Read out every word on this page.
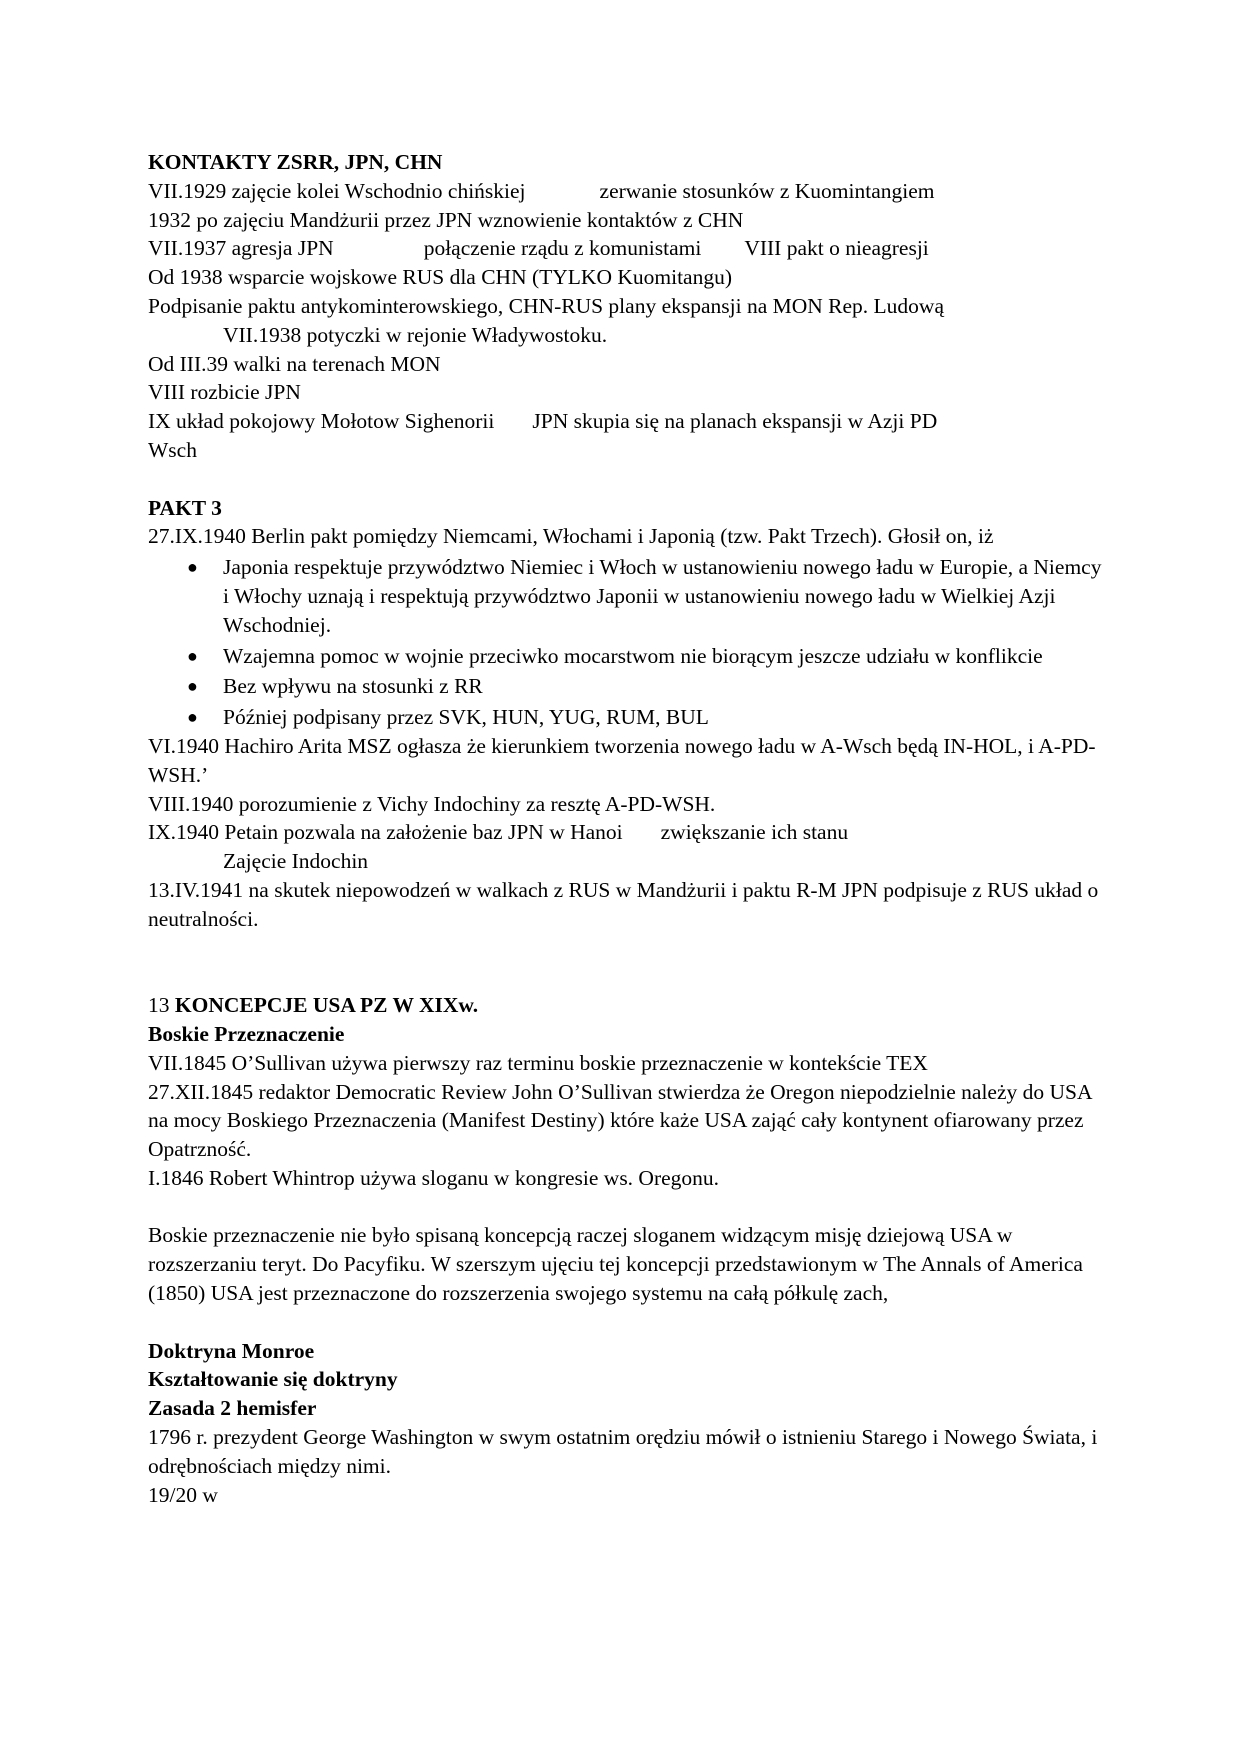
KONTAKTY ZSRR, JPN, CHN
VII.1929 zajęcie kolei Wschodnio chińskiej	zerwanie stosunków z Kuomintangiem
1932 po zajęciu Mandżurii przez JPN wznowienie kontaktów z CHN
VII.1937 agresja JPN	połączenie rządu z komunistami VIII pakt o nieagresji
Od 1938 wsparcie wojskowe RUS dla CHN (TYLKO Kuomitangu)
Podpisanie paktu antykominterowskiego, CHN-RUS plany ekspansji na MON Rep. Ludową
VII.1938 potyczki w rejonie Władywostoku.
Od III.39 walki na terenach MON
VIII rozbicie JPN
IX układ pokojowy Mołotow Sighenorii JPN skupia się na planach ekspansji w Azji PD
Wsch
PAKT 3
27.IX.1940 Berlin pakt pomiędzy Niemcami, Włochami i Japonią (tzw. Pakt Trzech). Głosił on, iż
● Japonia respektuje przywództwo Niemiec i Włoch w ustanowieniu nowego ładu w Europie, a Niemcy i Włochy uznają i respektują przywództwo Japonii w ustanowieniu nowego ładu w Wielkiej Azji Wschodniej.
● Wzajemna pomoc w wojnie przeciwko mocarstwom nie biorącym jeszcze udziału w konflikcie
● Bez wpływu na stosunki z RR
● Później podpisany przez SVK, HUN, YUG, RUM, BUL
VI.1940 Hachiro Arita MSZ ogłasza że kierunkiem tworzenia nowego ładu w A-Wsch będą IN-HOL, i A-PD-WSH.’
VIII.1940 porozumienie z Vichy Indochiny za resztę A-PD-WSH.
IX.1940 Petain pozwala na założenie baz JPN w Hanoi zwiększanie ich stanu
Zajęcie Indochin
13.IV.1941 na skutek niepowodzeń w walkach z RUS w Mandżurii i paktu R-M JPN podpisuje z RUS układ o neutralności.
13 KONCEPCJE USA PZ W XIXw.
Boskie Przeznaczenie
VII.1845 O’Sullivan używa pierwszy raz terminu boskie przeznaczenie w kontekście TEX
27.XII.1845 redaktor Democratic Review John O’Sullivan stwierdza że Oregon niepodzielnie należy do USA na mocy Boskiego Przeznaczenia (Manifest Destiny) które każe USA zająć cały kontynent ofiarowany przez Opatrzność.
I.1846 Robert Whintrop używa sloganu w kongresie ws. Oregonu.
Boskie przeznaczenie nie było spisaną koncepcją raczej sloganem widzącym misję dziejową USA w rozszerzaniu teryt. Do Pacyfiku. W szerszym ujęciu tej koncepcji przedstawionym w The Annals of America (1850) USA jest przeznaczone do rozszerzenia swojego systemu na całą półkulę zach,
Doktryna Monroe
Kształtowanie się doktryny
Zasada 2 hemisfer
1796 r. prezydent George Washington w swym ostatnim orędziu mówił o istnieniu Starego i Nowego Świata, i odrębnościach między nimi.
19/20 w
